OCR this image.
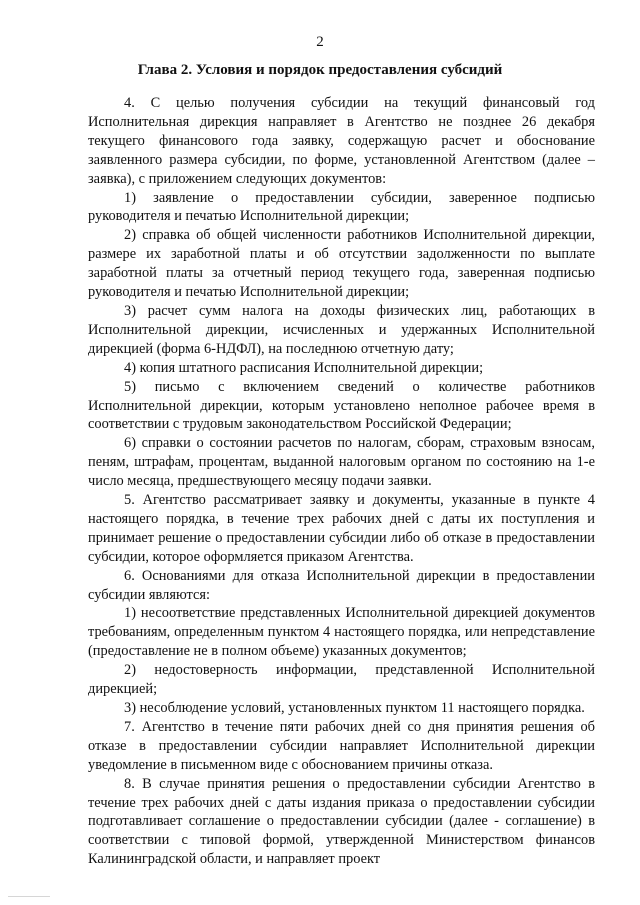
2
Глава 2. Условия и порядок предоставления субсидий

4. С целью получения субсидии на текущий финансовый год Исполнительная дирекция направляет в Агентство не позднее 26 декабря текущего финансового года заявку, содержащую расчет и обоснование заявленного размера субсидии, по форме, установленной Агентством (далее – заявка), с приложением следующих документов:

1) заявление о предоставлении субсидии, заверенное подписью руководителя и печатью Исполнительной дирекции;

2) справка об общей численности работников Исполнительной дирекции, размере их заработной платы и об отсутствии задолженности по выплате заработной платы за отчетный период текущего года, заверенная подписью руководителя и печатью Исполнительной дирекции;

3) расчет сумм налога на доходы физических лиц, работающих в Исполнительной дирекции, исчисленных и удержанных Исполнительной дирекцией (форма 6-НДФЛ), на последнюю отчетную дату;

4) копия штатного расписания Исполнительной дирекции;

5) письмо с включением сведений о количестве работников Исполнительной дирекции, которым установлено неполное рабочее время в соответствии с трудовым законодательством Российской Федерации;

6) справки о состоянии расчетов по налогам, сборам, страховым взносам, пеням, штрафам, процентам, выданной налоговым органом по состоянию на 1-е число месяца, предшествующего месяцу подачи заявки.

5. Агентство рассматривает заявку и документы, указанные в пункте 4 настоящего порядка, в течение трех рабочих дней с даты их поступления и принимает решение о предоставлении субсидии либо об отказе в предоставлении субсидии, которое оформляется приказом Агентства.

6. Основаниями для отказа Исполнительной дирекции в предоставлении субсидии являются:

1) несоответствие представленных Исполнительной дирекцией документов требованиям, определенным пунктом 4 настоящего порядка, или непредставление (предоставление не в полном объеме) указанных документов;

2) недостоверность информации, представленной Исполнительной дирекцией;

3) несоблюдение условий, установленных пунктом 11 настоящего порядка.

7. Агентство в течение пяти рабочих дней со дня принятия решения об отказе в предоставлении субсидии направляет Исполнительной дирекции уведомление в письменном виде с обоснованием причины отказа.

8. В случае принятия решения о предоставлении субсидии Агентство в течение трех рабочих дней с даты издания приказа о предоставлении субсидии подготавливает соглашение о предоставлении субсидии (далее - соглашение) в соответствии с типовой формой, утвержденной Министерством финансов Калининградской области, и направляет проект
